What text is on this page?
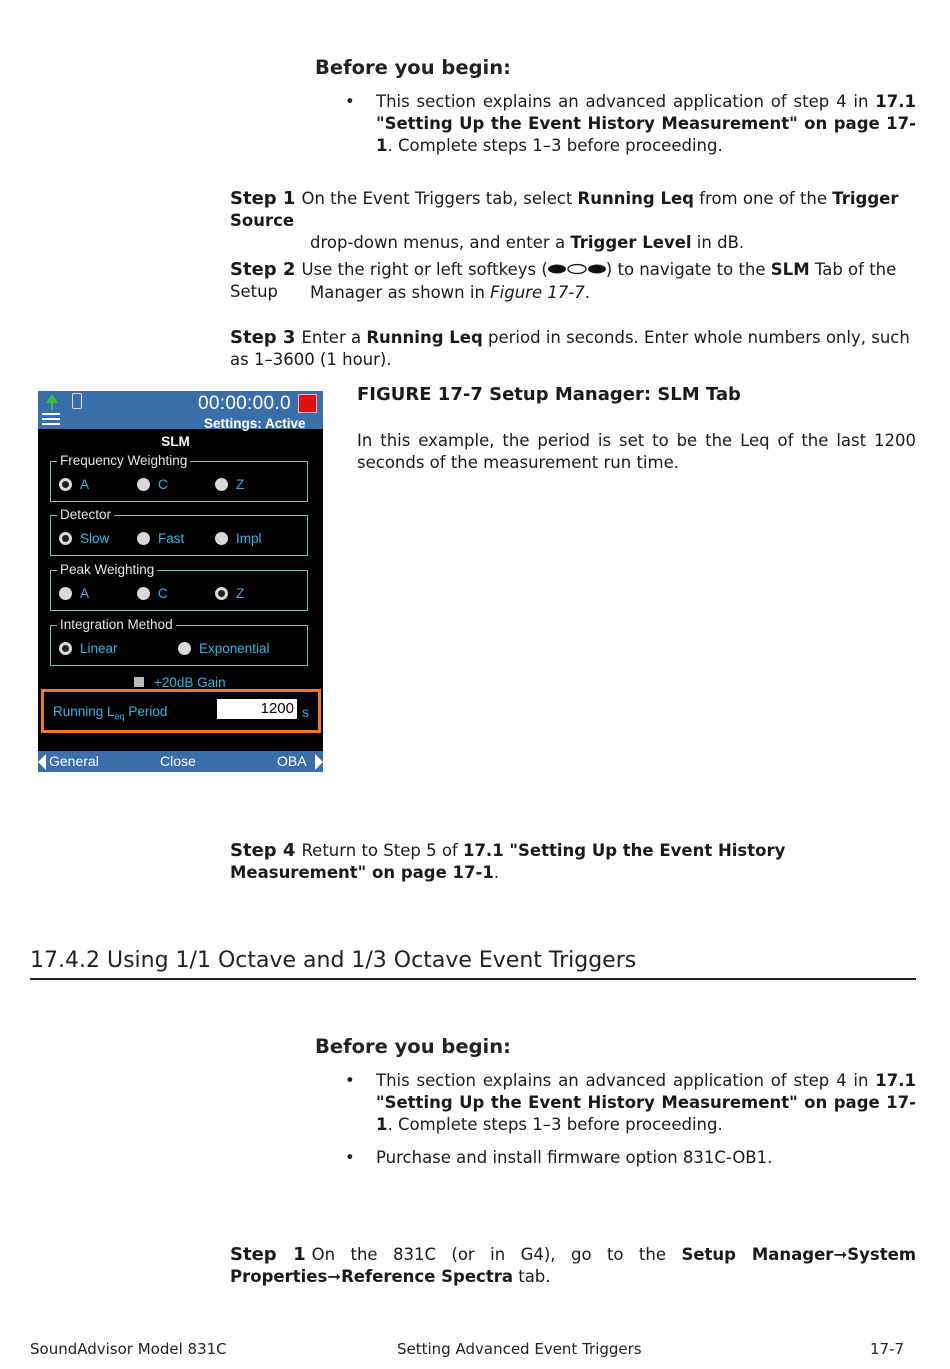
Before you begin:
• This section explains an advanced application of step 4 in 17.1 "Setting Up the Event History Measurement" on page 17-1. Complete steps 1–3 before proceeding.
Step 1 On the Event Triggers tab, select Running Leq from one of the Trigger Source
drop-down menus, and enter a Trigger Level in dB.
Step 2 Use the right or left softkeys (	) to navigate to the SLM Tab of the Setup	Manager as shown in Figure 17-7.
Step 3 Enter a Running Leq period in seconds. Enter whole numbers only, such as 1–3600 (1 hour).
FIGURE 17-7 Setup Manager: SLM Tab
In this example, the period is set to be the Leq of the last 1200 seconds of the measurement run time.
00:00:00.0
Settings: Active
SLM
Frequency Weighting
A	C	Z
Detector
Slow	Fast	Impl
Peak Weighting
A	C	Z
Integration Method
Linear	Exponential
+20dB Gain
Running $L_{eq}$ Period	1200 s
General	Close	OBA
Step 4 Return to Step 5 of 17.1 "Setting Up the Event History Measurement" on page 17-1.
17.4.2 Using 1/1 Octave and 1/3 Octave Event Triggers
Before you begin:
• This section explains an advanced application of step 4 in 17.1 "Setting Up the Event History Measurement" on page 17-1. Complete steps 1–3 before proceeding.
• Purchase and install firmware option 831C-OB1.
Step 1 On the 831C (or in G4), go to the Setup Manager➞System Properties➞Reference Spectra tab.
SoundAdvisor Model 831C	Setting Advanced Event Triggers	17-7
